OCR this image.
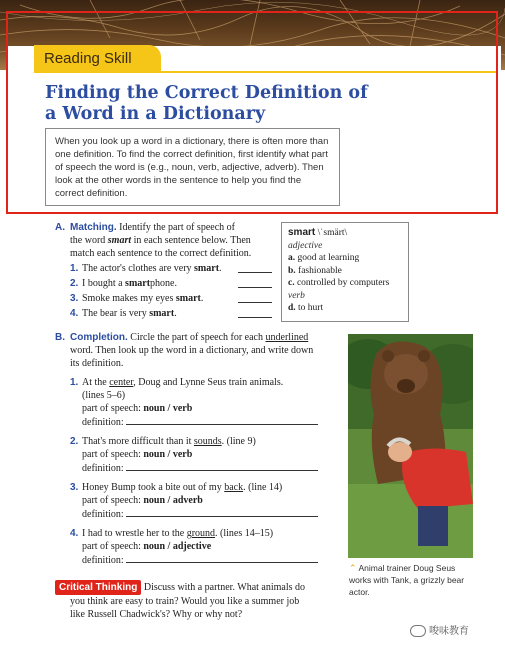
Reading Skill
Finding the Correct Definition of
a Word in a Dictionary
When you look up a word in a dictionary, there is often more than one definition. To find the correct definition, first identify what part of speech the word is (e.g., noun, verb, adjective, adverb). Then look at the other words in the sentence to help you find the correct definition.
A. Matching. Identify the part of speech of
the word smart in each sentence below. Then
match each sentence to the correct definition.
1. The actor's clothes are very smart.
2. I bought a smartphone.
3. Smoke makes my eyes smart.
4. The bear is very smart.
smart \ˈsmärt\
adjective
a. good at learning
b. fashionable
c. controlled by computers
verb
d. to hurt
B. Completion. Circle the part of speech for each underlined
word. Then look up the word in a dictionary, and write down
its definition.
1. At the center, Doug and Lynne Seus train animals.
(lines 5–6)
part of speech: noun / verb
definition:
2. That's more difficult than it sounds. (line 9)
part of speech: noun / verb
definition:
3. Honey Bump took a bite out of my back. (line 14)
part of speech: noun / adverb
definition:
4. I had to wrestle her to the ground. (lines 14–15)
part of speech: noun / adjective
definition:
⌃ Animal trainer Doug Seus works with Tank, a grizzly bear actor.
Critical Thinking Discuss with a partner. What animals do
you think are easy to train? Would you like a summer job
like Russell Chadwick's? Why or why not?
唆味教育
